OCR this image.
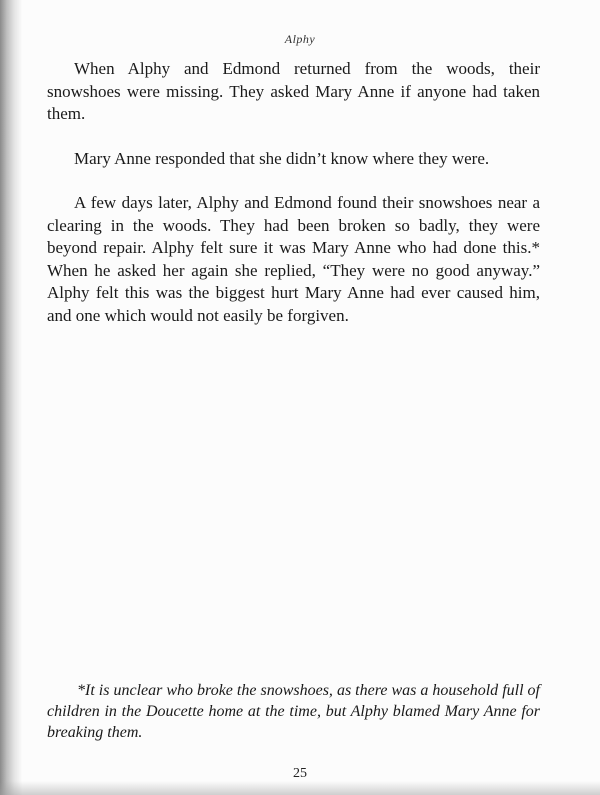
Alphy

When Alphy and Edmond returned from the woods, their snowshoes were missing. They asked Mary Anne if anyone had taken them.

Mary Anne responded that she didn’t know where they were.

A few days later, Alphy and Edmond found their snowshoes near a clearing in the woods. They had been broken so badly, they were beyond repair. Alphy felt sure it was Mary Anne who had done this.* When he asked her again she replied, “They were no good anyway.” Alphy felt this was the biggest hurt Mary Anne had ever caused him, and one which would not easily be forgiven.

*It is unclear who broke the snowshoes, as there was a household full of children in the Doucette home at the time, but Alphy blamed Mary Anne for breaking them.

25
